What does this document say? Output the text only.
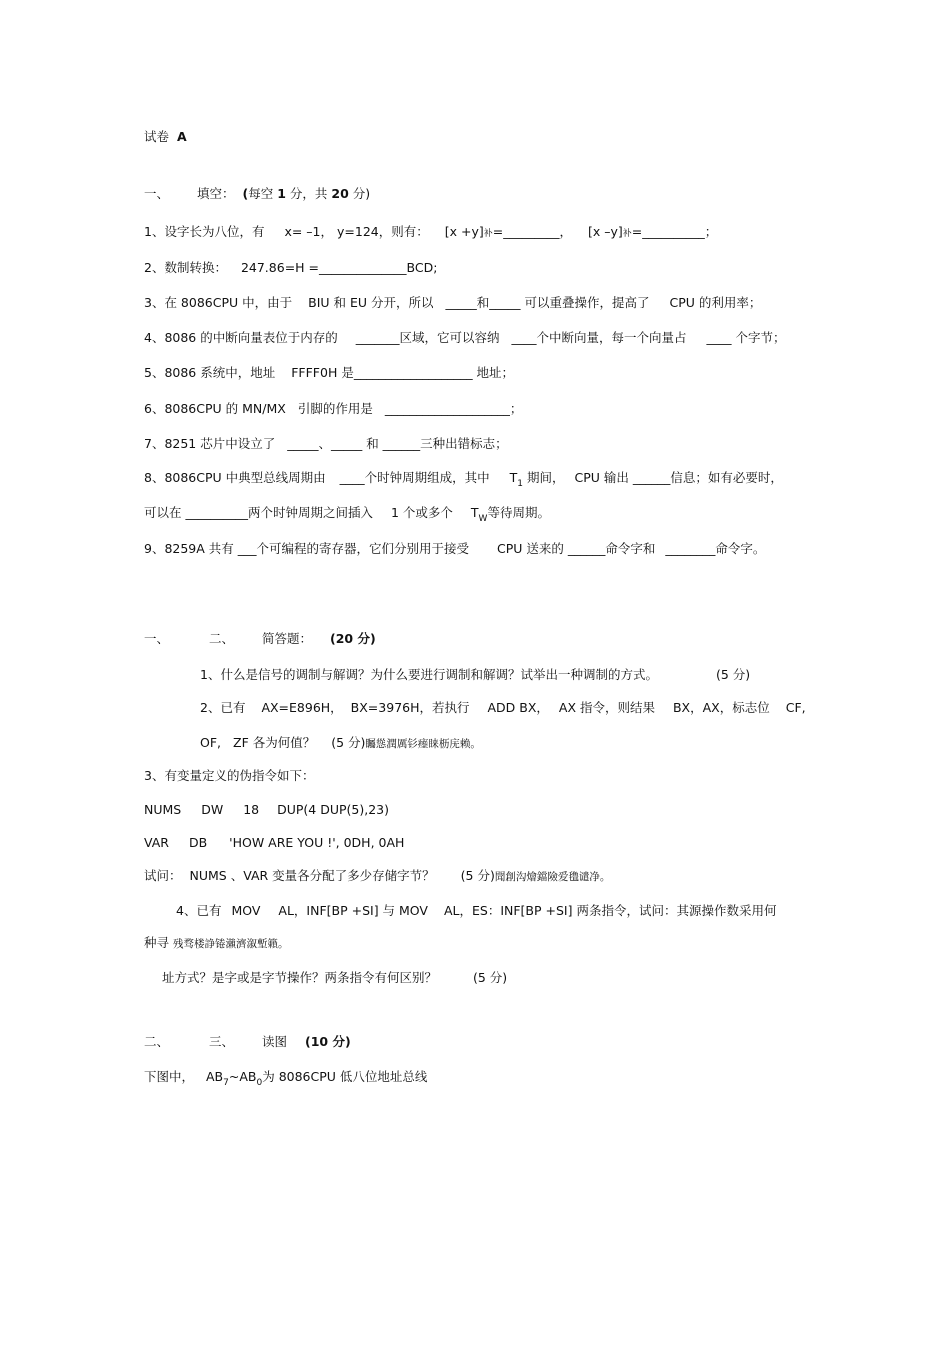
试卷 A
一、 填空： (每空 1 分，共 20 分)
1、设字长为八位，有 x= –1， y=124，则有： [x +y]补=_________， [x –y]补=__________；
2、数制转换： 247.86=H =______________BCD;
3、在 8086CPU 中，由于 BIU 和 EU 分开，所以 _____和_____ 可以重叠操作，提高了 CPU 的利用率；
4、8086 的中断向量表位于内存的 _______区域，它可以容纳 ____个中断向量，每一个向量占 ____ 个字节；
5、8086 系统中，地址 FFFF0H 是___________________ 地址；
6、8086CPU 的 MN/MX 引脚的作用是 ____________________；
7、8251 芯片中设立了 _____、_____ 和 ______三种出错标志；
8、8086CPU 中典型总线周期由 ____个时钟周期组成，其中 $T_1$ 期间， CPU 输出 ______信息；如有必要时，
可以在 __________两个时钟周期之间插入 1 个或多个 $T_W$等待周期。
9、8259A 共有 ___个可编程的寄存器，它们分别用于接受 CPU 送来的 ______命令字和 ________命令字。
一、	二、 简答题： (20 分)
1、什么是信号的调制与解调？为什么要进行调制和解调？试举出一种调制的方式。	(5 分)
2、已有 AX=E896H， BX=3976H，若执行 ADD BX， AX 指令，则结果 BX，AX，标志位 CF,
OF, ZF 各为何值？ (5 分)矚慫潤厲钐瘗睐枥庑赖。
3、有变量定义的伪指令如下：
NUMS DW 18 DUP(4 DUP(5),23)
VAR DB 'HOW ARE YOU !', 0DH, 0AH
试问： NUMS 、VAR 变量各分配了多少存储字节？ (5 分)聞創沟燴鐺險爱氇谴净。
4、已有 MOV AL，INF[BP +SI] 与 MOV AL，ES：INF[BP +SI] 两条指令，试问：其源操作数采用何
种寻 残骛楼諍锩瀨濟溆塹籟。
址方式？是字或是字节操作？两条指令有何区别？	(5 分)
二、	三、 读图 (10 分)
下图中， $AB_7\sim AB_0$为 8086CPU 低八位地址总线
